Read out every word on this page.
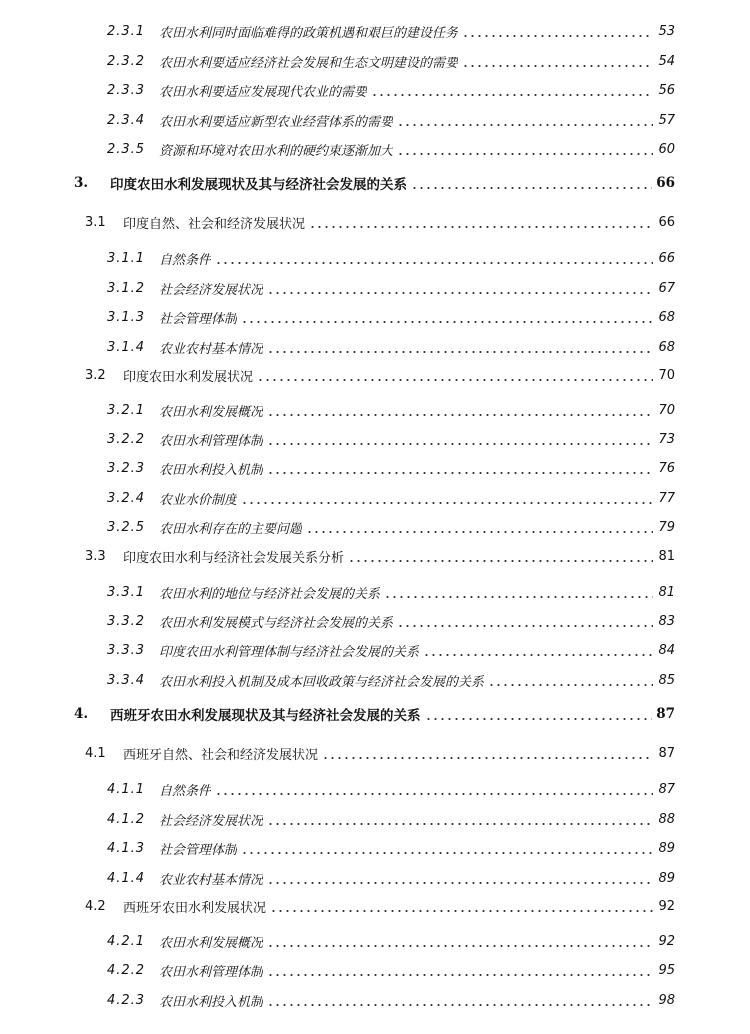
2.3.1	农田水利同时面临难得的政策机遇和艰巨的建设任务	53
2.3.2	农田水利要适应经济社会发展和生态文明建设的需要	54
2.3.3	农田水利要适应发展现代农业的需要	56
2.3.4	农田水利要适应新型农业经营体系的需要	57
2.3.5	资源和环境对农田水利的硬约束逐渐加大	60
3.	印度农田水利发展现状及其与经济社会发展的关系	66
3.1	印度自然、社会和经济发展状况	66
3.1.1	自然条件	66
3.1.2	社会经济发展状况	67
3.1.3	社会管理体制	68
3.1.4	农业农村基本情况	68
3.2	印度农田水利发展状况	70
3.2.1	农田水利发展概况	70
3.2.2	农田水利管理体制	73
3.2.3	农田水利投入机制	76
3.2.4	农业水价制度	77
3.2.5	农田水利存在的主要问题	79
3.3	印度农田水利与经济社会发展关系分析	81
3.3.1	农田水利的地位与经济社会发展的关系	81
3.3.2	农田水利发展模式与经济社会发展的关系	83
3.3.3	印度农田水利管理体制与经济社会发展的关系	84
3.3.4	农田水利投入机制及成本回收政策与经济社会发展的关系	85
4.	西班牙农田水利发展现状及其与经济社会发展的关系	87
4.1	西班牙自然、社会和经济发展状况	87
4.1.1	自然条件	87
4.1.2	社会经济发展状况	88
4.1.3	社会管理体制	89
4.1.4	农业农村基本情况	89
4.2	西班牙农田水利发展状况	92
4.2.1	农田水利发展概况	92
4.2.2	农田水利管理体制	95
4.2.3	农田水利投入机制	98
